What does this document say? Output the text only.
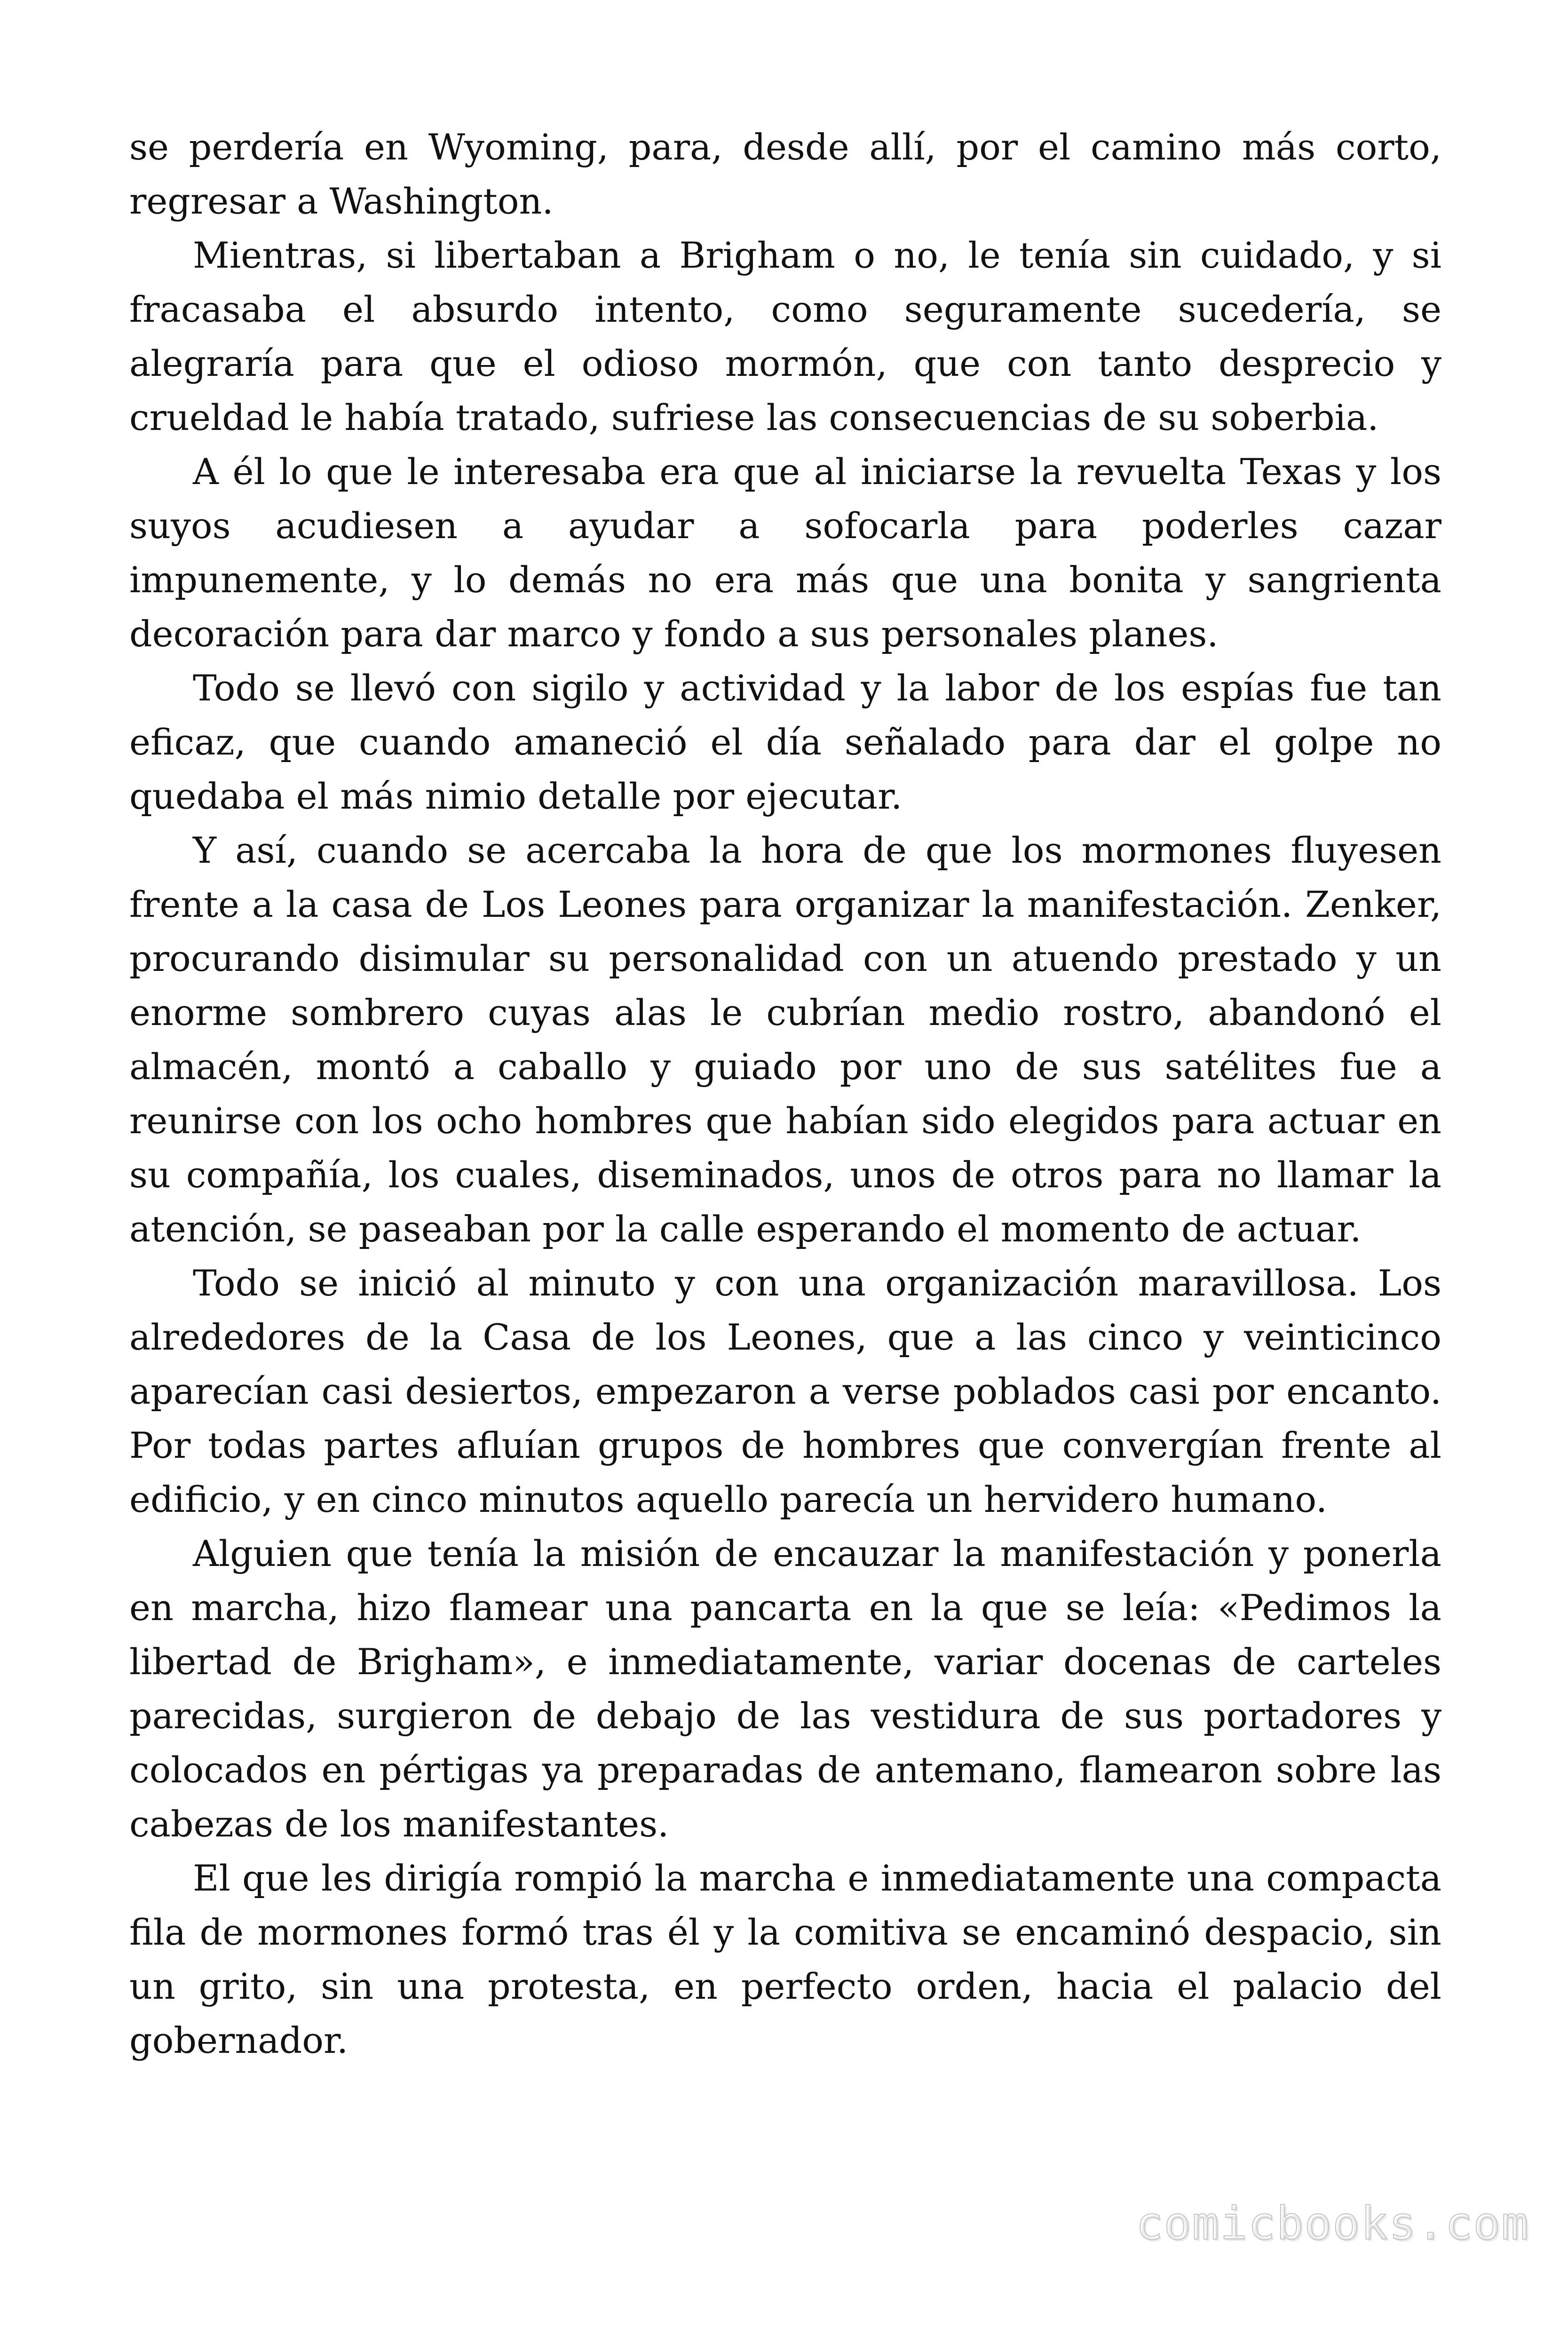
se perdería en Wyoming, para, desde allí, por el camino más corto, regresar a Washington.

Mientras, si libertaban a Brigham o no, le tenía sin cuidado, y si fracasaba el absurdo intento, como seguramente sucedería, se alegraría para que el odioso mormón, que con tanto desprecio y crueldad le había tratado, sufriese las consecuencias de su soberbia.

A él lo que le interesaba era que al iniciarse la revuelta Texas y los suyos acudiesen a ayudar a sofocarla para poderles cazar impunemente, y lo demás no era más que una bonita y sangrienta decoración para dar marco y fondo a sus personales planes.

Todo se llevó con sigilo y actividad y la labor de los espías fue tan eficaz, que cuando amaneció el día señalado para dar el golpe no quedaba el más nimio detalle por ejecutar.

Y así, cuando se acercaba la hora de que los mormones fluyesen frente a la casa de Los Leones para organizar la manifestación. Zenker, procurando disimular su personalidad con un atuendo prestado y un enorme sombrero cuyas alas le cubrían medio rostro, abandonó el almacén, montó a caballo y guiado por uno de sus satélites fue a reunirse con los ocho hombres que habían sido elegidos para actuar en su compañía, los cuales, diseminados, unos de otros para no llamar la atención, se paseaban por la calle esperando el momento de actuar.

Todo se inició al minuto y con una organización maravillosa. Los alrededores de la Casa de los Leones, que a las cinco y veinticinco aparecían casi desiertos, empezaron a verse poblados casi por encanto. Por todas partes afluían grupos de hombres que convergían frente al edificio, y en cinco minutos aquello parecía un hervidero humano.

Alguien que tenía la misión de encauzar la manifestación y ponerla en marcha, hizo flamear una pancarta en la que se leía: «Pedimos la libertad de Brigham», e inmediatamente, variar docenas de carteles parecidas, surgieron de debajo de las vestidura de sus portadores y colocados en pértigas ya preparadas de antemano, flamearon sobre las cabezas de los manifestantes.

El que les dirigía rompió la marcha e inmediatamente una compacta fila de mormones formó tras él y la comitiva se encaminó despacio, sin un grito, sin una protesta, en perfecto orden, hacia el palacio del gobernador.

comicbooks.com
